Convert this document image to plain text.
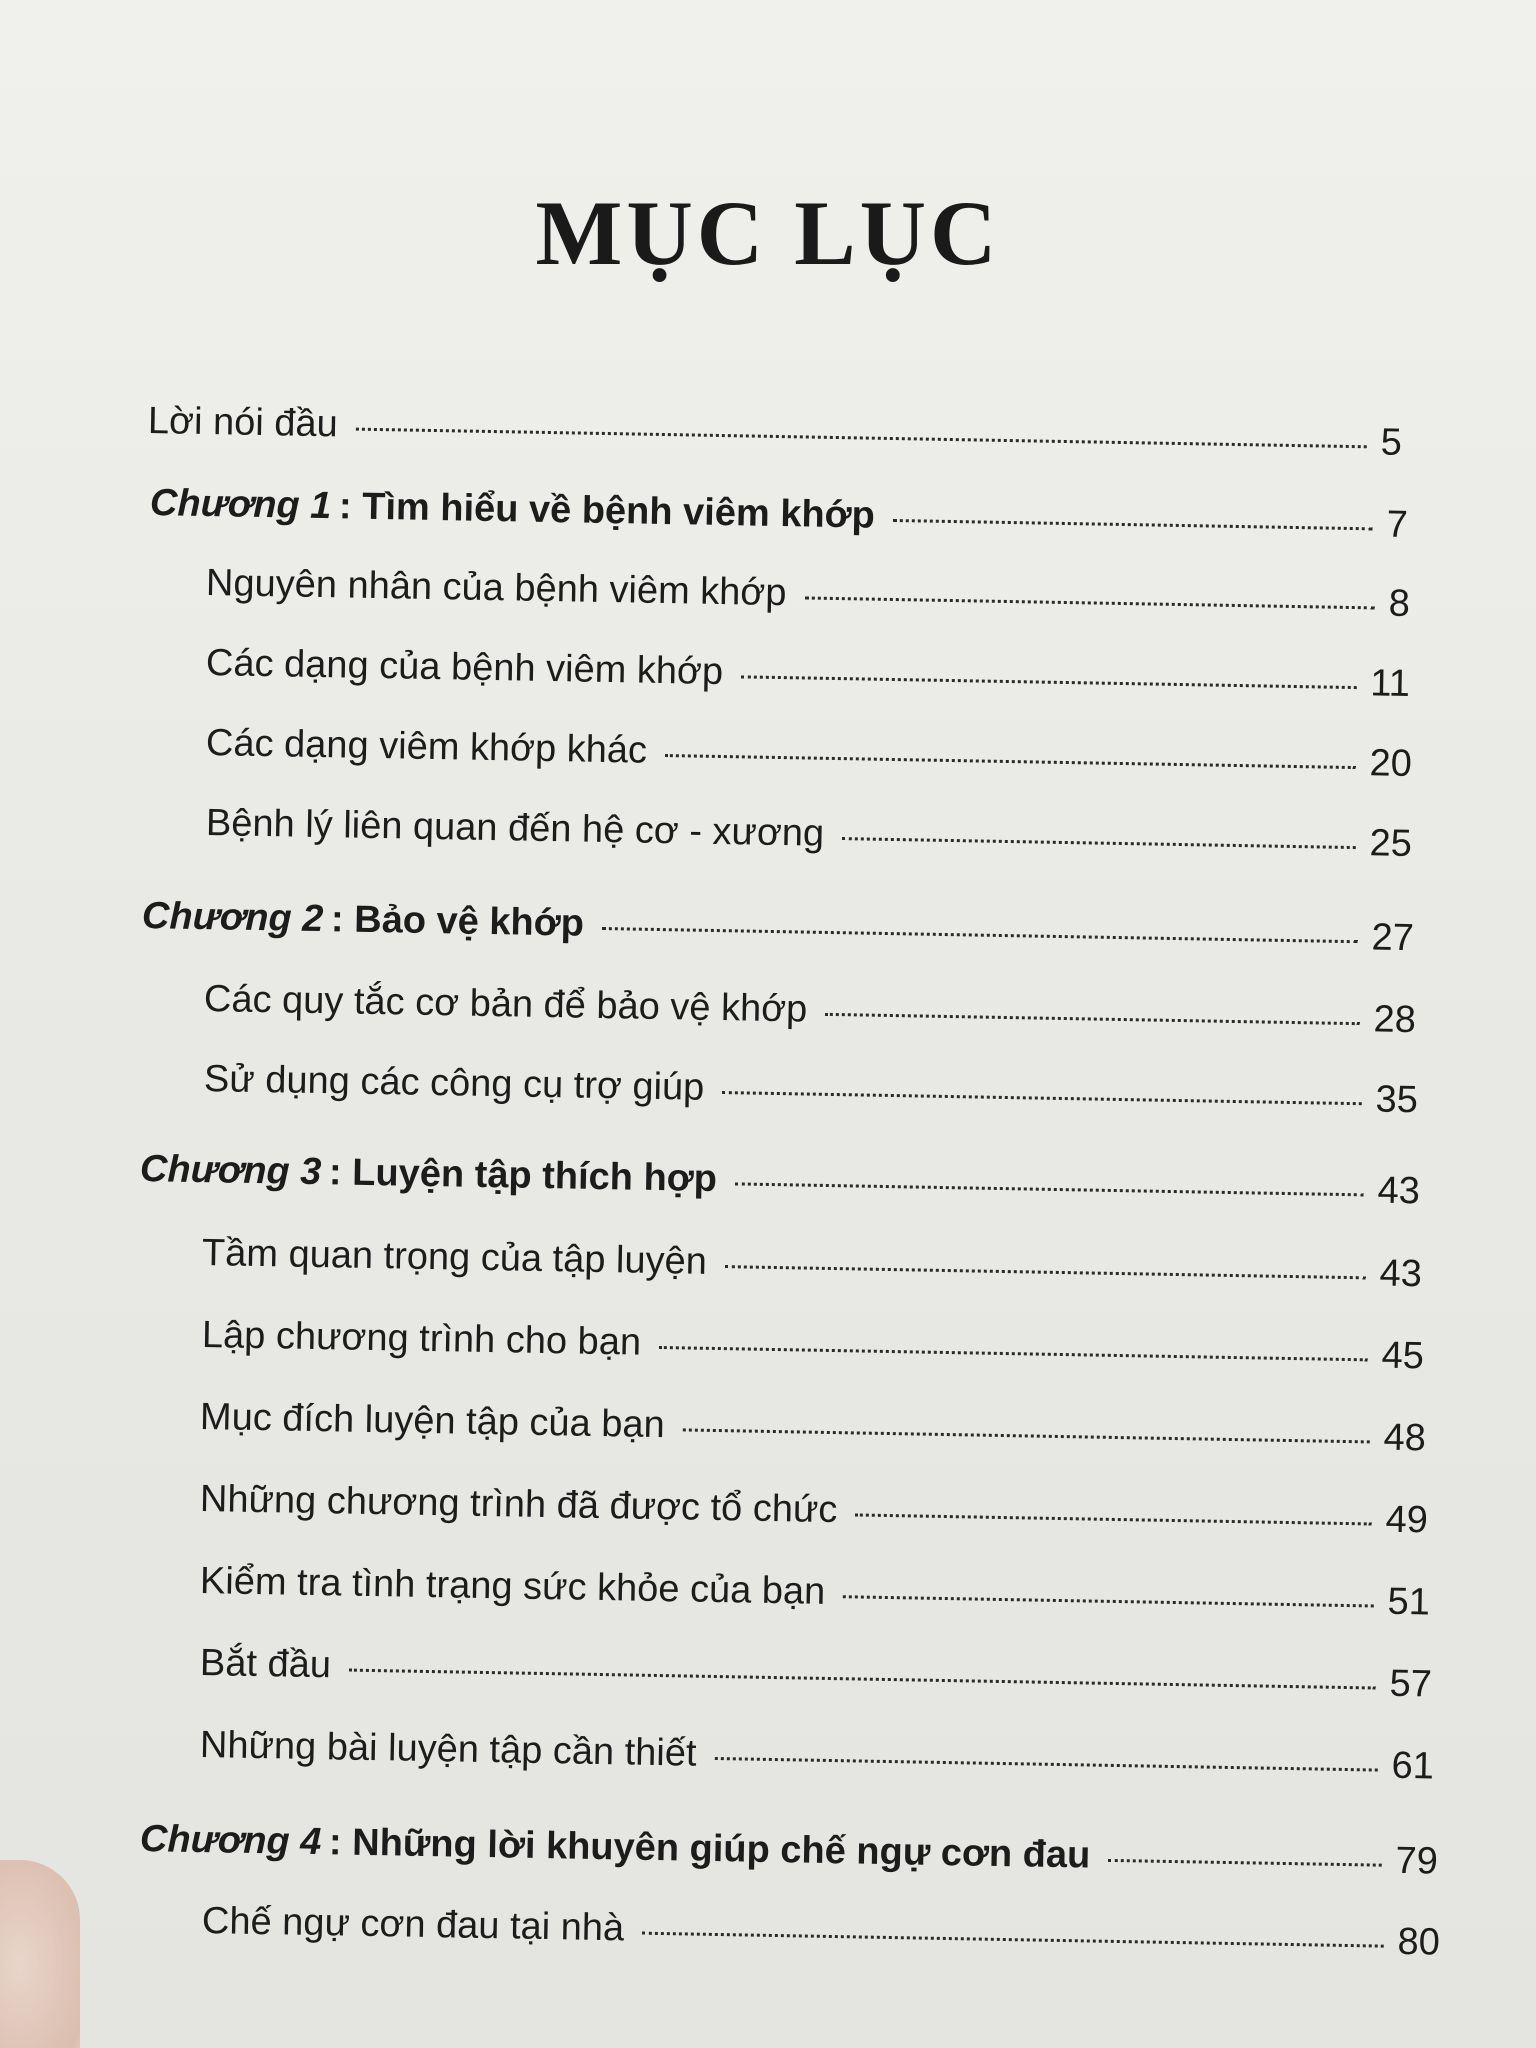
MỤC LỤC
Lời nói đầu	5
Chương 1 : Tìm hiểu về bệnh viêm khớp	7
Nguyên nhân của bệnh viêm khớp	8
Các dạng của bệnh viêm khớp	11
Các dạng viêm khớp khác	20
Bệnh lý liên quan đến hệ cơ - xương	25
Chương 2 : Bảo vệ khớp	27
Các quy tắc cơ bản để bảo vệ khớp	28
Sử dụng các công cụ trợ giúp	35
Chương 3 : Luyện tập thích hợp	43
Tầm quan trọng của tập luyện	43
Lập chương trình cho bạn	45
Mục đích luyện tập của bạn	48
Những chương trình đã được tổ chức	49
Kiểm tra tình trạng sức khỏe của bạn	51
Bắt đầu	57
Những bài luyện tập cần thiết	61
Chương 4 : Những lời khuyên giúp chế ngự cơn đau	79
Chế ngự cơn đau tại nhà	80
